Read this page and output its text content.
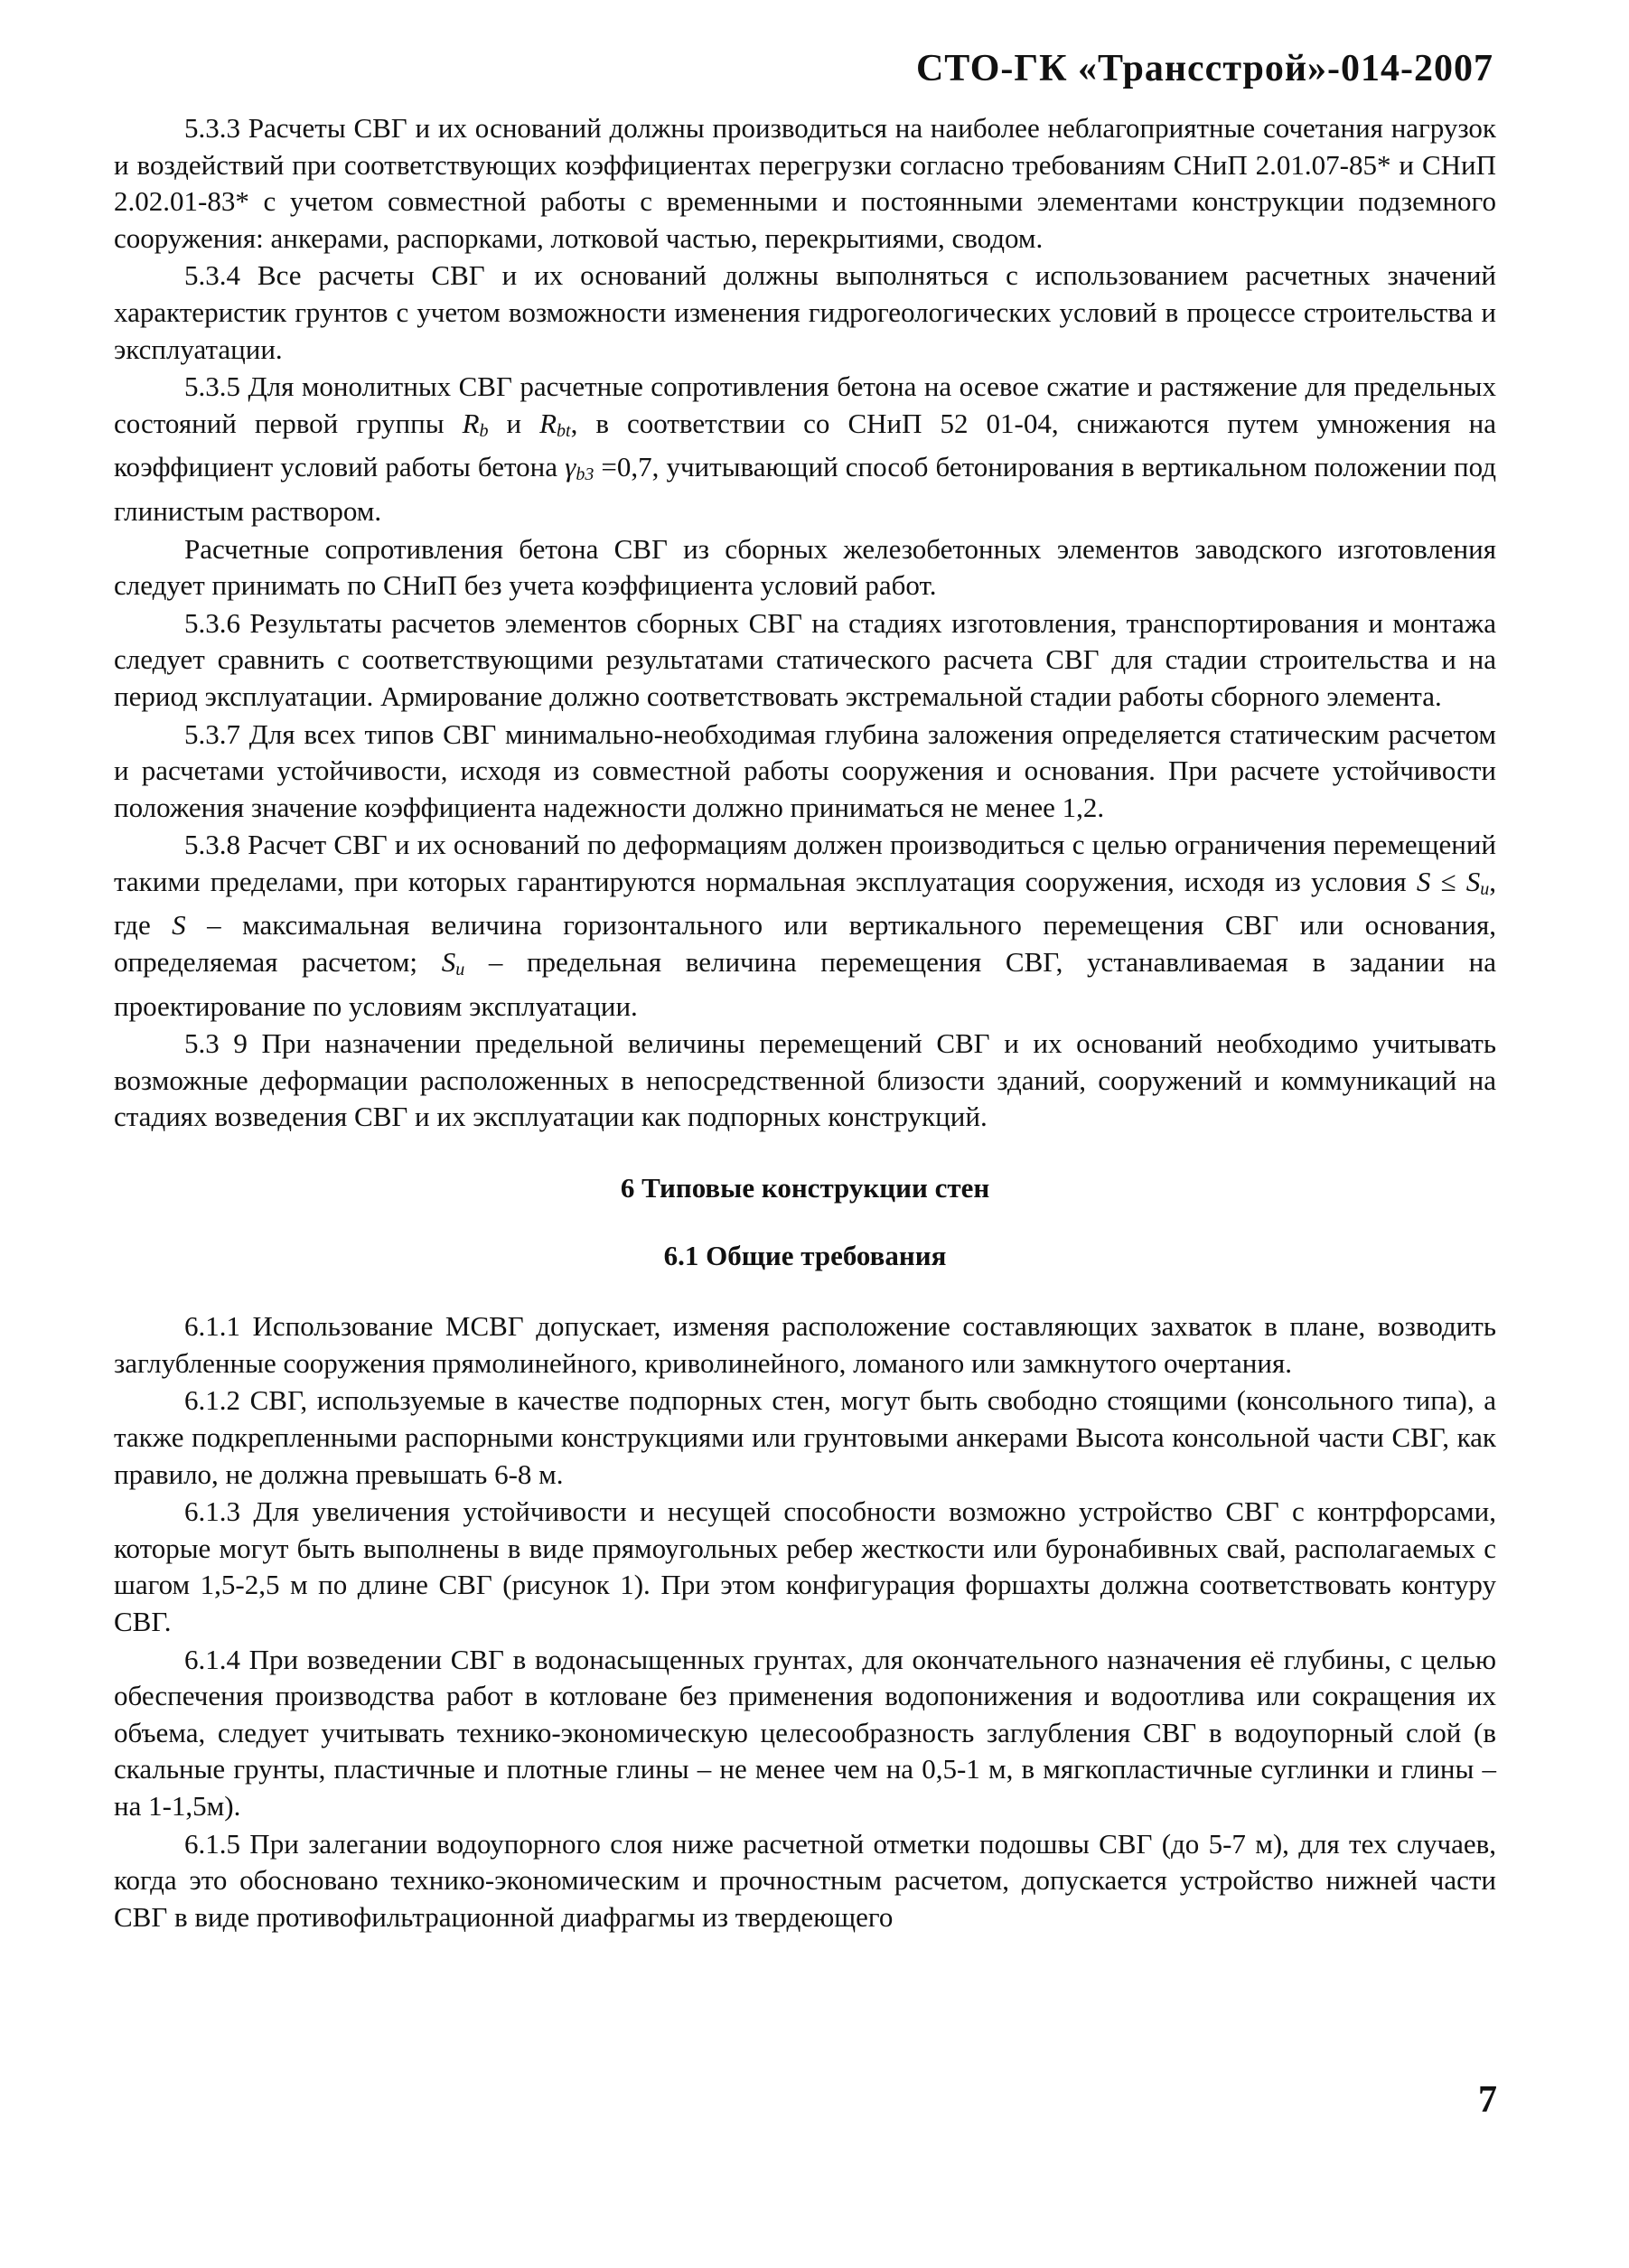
СТО-ГК «Трансстрой»-014-2007

5.3.3 Расчеты СВГ и их оснований должны производиться на наиболее неблагоприятные сочетания нагрузок и воздействий при соответствующих коэффициентах перегрузки согласно требованиям СНиП 2.01.07-85* и СНиП 2.02.01-83* с учетом совместной работы с временными и постоянными элементами конструкции подземного сооружения: анкерами, распорками, лотковой частью, перекрытиями, сводом.

5.3.4 Все расчеты СВГ и их оснований должны выполняться с использованием расчетных значений характеристик грунтов с учетом возможности изменения гидрогеологических условий в процессе строительства и эксплуатации.

5.3.5 Для монолитных СВГ расчетные сопротивления бетона на осевое сжатие и растяжение для предельных состояний первой группы $R_b$ и $R_{bt}$, в соответствии со СНиП 52 01-04, снижаются путем умножения на коэффициент условий работы бетона $\gamma_{b3} =0,7$, учитывающий способ бетонирования в вертикальном положении под глинистым раствором.

Расчетные сопротивления бетона СВГ из сборных железобетонных элементов заводского изготовления следует принимать по СНиП без учета коэффициента условий работ.

5.3.6 Результаты расчетов элементов сборных СВГ на стадиях изготовления, транспортирования и монтажа следует сравнить с соответствующими результатами статического расчета СВГ для стадии строительства и на период эксплуатации. Армирование должно соответствовать экстремальной стадии работы сборного элемента.

5.3.7 Для всех типов СВГ минимально-необходимая глубина заложения определяется статическим расчетом и расчетами устойчивости, исходя из совместной работы сооружения и основания. При расчете устойчивости положения значение коэффициента надежности должно приниматься не менее 1,2.

5.3.8 Расчет СВГ и их оснований по деформациям должен производиться с целью ограничения перемещений такими пределами, при которых гарантируются нормальная эксплуатация сооружения, исходя из условия $S \le S_u$, где S – максимальная величина горизонтального или вертикального перемещения СВГ или основания, определяемая расчетом; $S_u$ – предельная величина перемещения СВГ, устанавливаемая в задании на проектирование по условиям эксплуатации.

5.3 9 При назначении предельной величины перемещений СВГ и их оснований необходимо учитывать возможные деформации расположенных в непосредственной близости зданий, сооружений и коммуникаций на стадиях возведения СВГ и их эксплуатации как подпорных конструкций.

6 Типовые конструкции стен
6.1 Общие требования

6.1.1 Использование МСВГ допускает, изменяя расположение составляющих захваток в плане, возводить заглубленные сооружения прямолинейного, криволинейного, ломаного или замкнутого очертания.

6.1.2 СВГ, используемые в качестве подпорных стен, могут быть свободно стоящими (консольного типа), а также подкрепленными распорными конструкциями или грунтовыми анкерами Высота консольной части СВГ, как правило, не должна превышать 6-8 м.

6.1.3 Для увеличения устойчивости и несущей способности возможно устройство СВГ с контрфорсами, которые могут быть выполнены в виде прямоугольных ребер жесткости или буронабивных свай, располагаемых с шагом 1,5-2,5 м по длине СВГ (рисунок 1). При этом конфигурация форшахты должна соответствовать контуру СВГ.

6.1.4 При возведении СВГ в водонасыщенных грунтах, для окончательного назначения её глубины, с целью обеспечения производства работ в котловане без применения водопонижения и водоотлива или сокращения их объема, следует учитывать технико-экономическую целесообразность заглубления СВГ в водоупорный слой (в скальные грунты, пластичные и плотные глины – не менее чем на 0,5-1 м, в мягкопластичные суглинки и глины – на 1-1,5м).

6.1.5 При залегании водоупорного слоя ниже расчетной отметки подошвы СВГ (до 5-7 м), для тех случаев, когда это обосновано технико-экономическим и прочностным расчетом, допускается устройство нижней части СВГ в виде противофильтрационной диафрагмы из твердеющего

7
